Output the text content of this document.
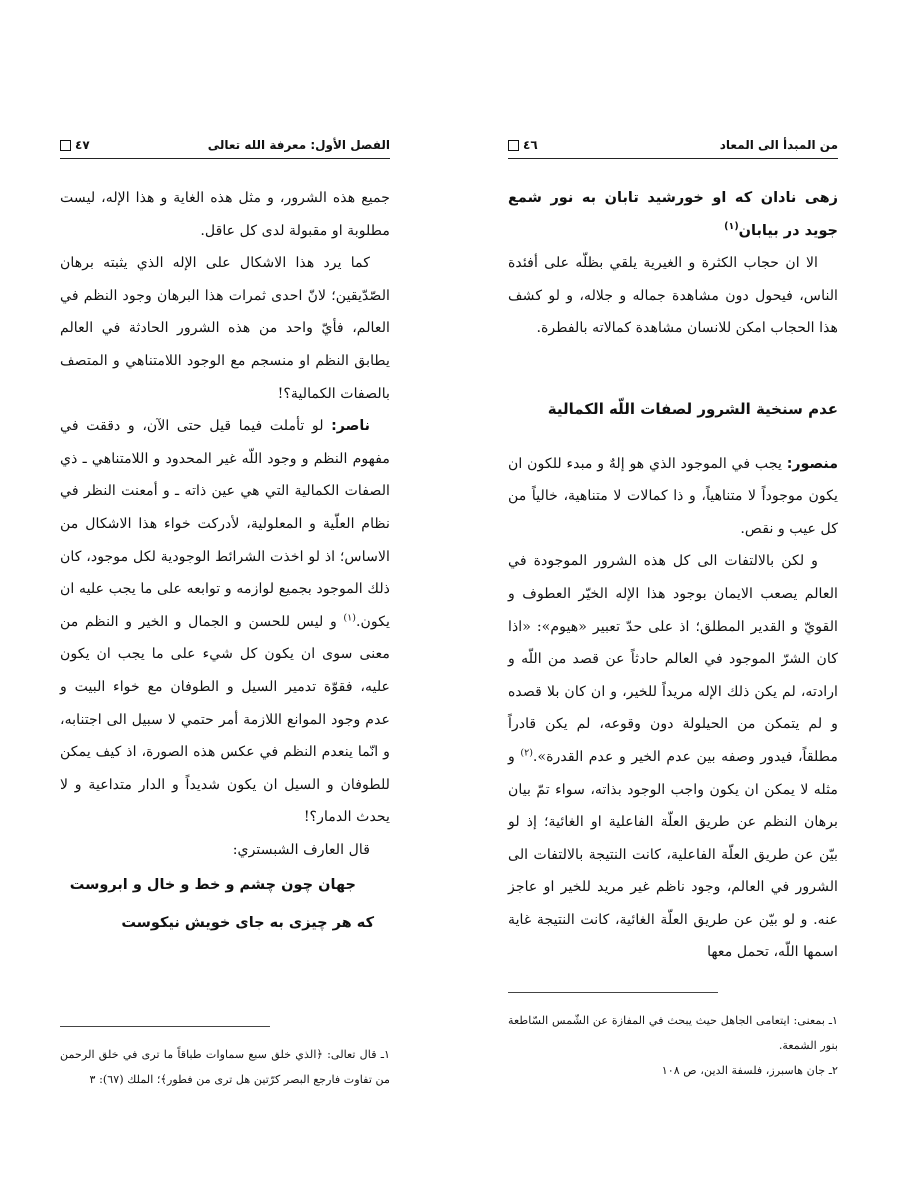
٤٧	الفصل الأول: معرفة الله تعالى

جميع هذه الشرور، و مثل هذه الغاية و هذا الإله، ليست مطلوبة او مقبولة لدى كل عاقل.

كما يرد هذا الاشكال على الإله الذي يثبته برهان الصّدّيقين؛ لانّ احدى ثمرات هذا البرهان وجود النظم في العالم، فأيّ واحد من هذه الشرور الحادثة في العالم يطابق النظم او منسجم مع الوجود اللامتناهي و المتصف بالصفات الكمالية؟!

ناصر: لو تأملت فيما قيل حتى الآن، و دققت في مفهوم النظم و وجود اللّه غير المحدود و اللامتناهي ـ ذي الصفات الكمالية التي هي عين ذاته ـ و أمعنت النظر في نظام العلّية و المعلولية، لأدركت خواء هذا الاشكال من الاساس؛ اذ لو اخذت الشرائط الوجودية لكل موجود، كان ذلك الموجود بجميع لوازمه و توابعه على ما يجب عليه ان يكون.$^{(١)}$ و ليس للحسن و الجمال و الخير و النظم من معنى سوى ان يكون كل شيء على ما يجب ان يكون عليه، فقوّة تدمير السيل و الطوفان مع خواء البيت و عدم وجود الموانع اللازمة أمر حتمي لا سبيل الى اجتنابه، و انّما ينعدم النظم في عكس هذه الصورة، اذ كيف يمكن للطوفان و السيل ان يكون شديداً و الدار متداعية و لا يحدث الدمار؟!

قال العارف الشبستري:

جهان چون چشم و خط و خال و ابروست
كه هر چيزى به جاى خويش نيكوست

١ـ قال تعالى: ﴿الذي خلق سبع سماوات طباقاً ما ترى في خلق الرحمن من تفاوت فارجع البصر كرّتين هل ترى من فطور﴾؛ الملك (٦٧): ٣

٤٦	من المبدأ الى المعاد

زهی نادان که او خورشید تابان به نور شمع جويد در بيابان$^{(١)}$

الا ان حجاب الكثرة و الغيرية يلقي بظلّه على أفئدة الناس، فيحول دون مشاهدة جماله و جلاله، و لو كشف هذا الحجاب امكن للانسان مشاهدة كمالاته بالفطرة.

عدم سنخية الشرور لصفات اللّه الكمالية

منصور: يجب في الموجود الذي هو إلهٌ و مبدء للكون ان يكون موجوداً لا متناهياً، و ذا كمالات لا متناهية، خالياً من كل عيب و نقص.

و لكن بالالتفات الى كل هذه الشرور الموجودة في العالم يصعب الايمان بوجود هذا الإله الخيّر العطوف و القويّ و القدير المطلق؛ اذ على حدّ تعبير «هيوم»: «اذا كان الشرّ الموجود في العالم حادثاً عن قصد من اللّه و ارادته، لم يكن ذلك الإله مريداً للخير، و ان كان بلا قصده و لم يتمكن من الحيلولة دون وقوعه، لم يكن قادراً مطلقاً، فيدور وصفه بين عدم الخير و عدم القدرة».$^{(٢)}$ و مثله لا يمكن ان يكون واجب الوجود بذاته، سواء تمّ بيان برهان النظم عن طريق العلّة الفاعلية او الغائية؛ إذ لو بيّن عن طريق العلّة الفاعلية، كانت النتيجة بالالتفات الى الشرور في العالم، وجود ناظم غير مريد للخير او عاجز عنه. و لو بيّن عن طريق العلّة الغائية، كانت النتيجة غاية اسمها اللّه، تحمل معها

١ـ بمعنى: ايتعامى الجاهل حيث يبحث في المفازة عن الشّمس السّاطعة بنور الشمعة.

٢ـ جان هاسبرز، فلسفة الدين، ص ١٠٨
